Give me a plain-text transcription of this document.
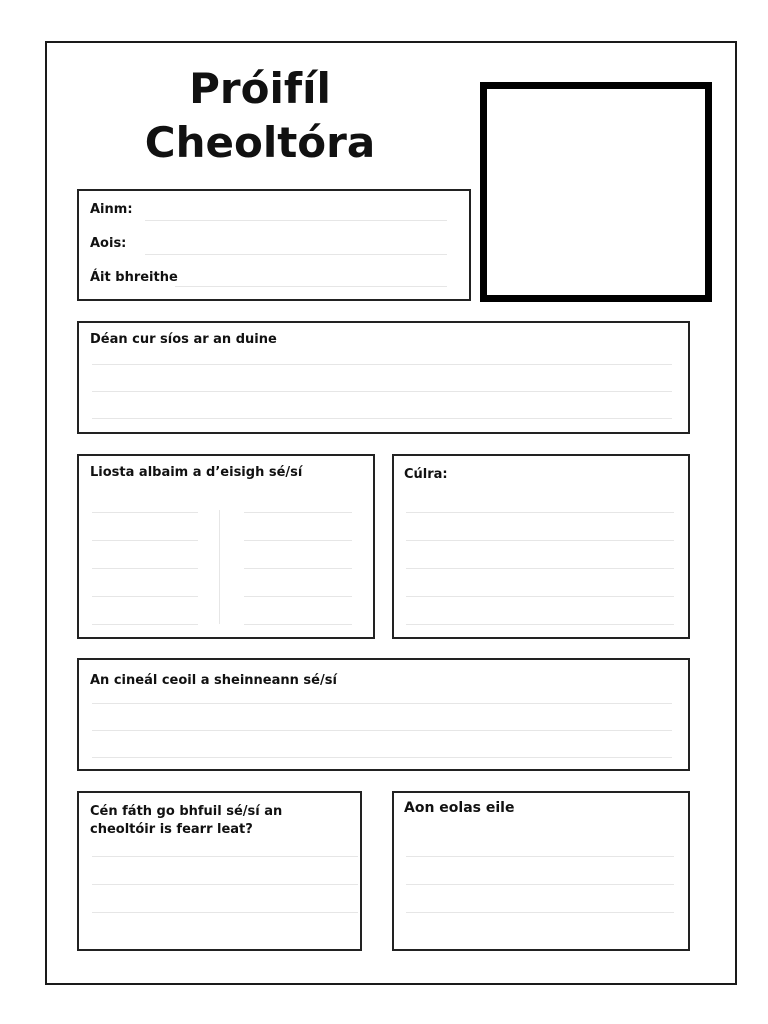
Próifíl
Cheoltóra
Ainm:
Aois:
Áit bhreithe
Déan cur síos ar an duine
Liosta albaim a d’eisigh sé/sí	Cúlra:
An cineál ceoil a sheinneann sé/sí
Cén fáth go bhfuil sé/sí an cheoltóir is fearr leat?
Aon eolas eile
